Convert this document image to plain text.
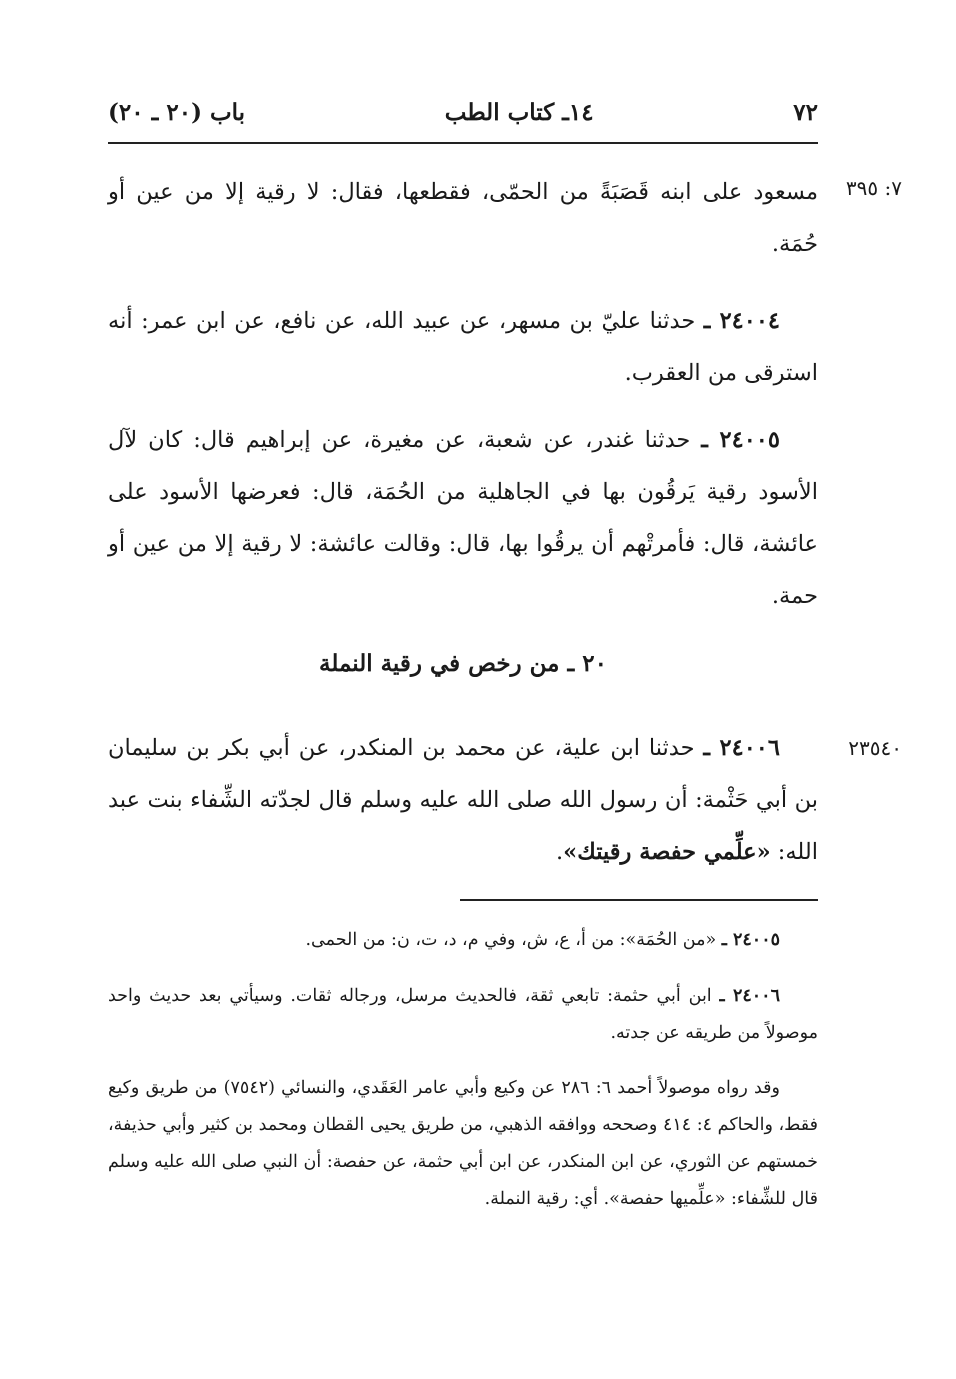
٧٢
١٤ـ كتاب الطب
باب (٢٠ ـ ٢٠)
٧: ٣٩٥
٢٣٥٤٠
مسعود على ابنه قَصَبَةً من الحمّى، فقطعها، فقال: لا رقية إلا من عين أو حُمَة.
٢٤٠٠٤ ـ حدثنا عليّ بن مسهر، عن عبيد الله، عن نافع، عن ابن عمر: أنه استرقى من العقرب.
٢٤٠٠٥ ـ حدثنا غندر، عن شعبة، عن مغيرة، عن إبراهيم قال: كان لآل الأسود رقية يَرقُون بها في الجاهلية من الحُمَة، قال: فعرضها الأسود على عائشة، قال: فأمرتْهم أن يرقُوا بها، قال: وقالت عائشة: لا رقية إلا من عين أو حمة.
٢٠ ـ من رخص في رقية النملة
٢٤٠٠٦ ـ حدثنا ابن علية، عن محمد بن المنكدر، عن أبي بكر بن سليمان بن أبي حَثْمة: أن رسول الله صلى الله عليه وسلم قال لجدّته الشِّفاء بنت عبد الله: «علِّمي حفصة رقيتك».
٢٤٠٠٥ ـ «من الحُمَة»: من أ، ع، ش، وفي م، د، ت، ن: من الحمى.
٢٤٠٠٦ ـ ابن أبي حثمة: تابعي ثقة، فالحديث مرسل، ورجاله ثقات. وسيأتي بعد حديث واحد موصولاً من طريقه عن جدته.
وقد رواه موصولاً أحمد ٦: ٢٨٦ عن وكيع وأبي عامر العَقَدي، والنسائي (٧٥٤٢) من طريق وكيع فقط، والحاكم ٤: ٤١٤ وصححه ووافقه الذهبي، من طريق يحيى القطان ومحمد بن كثير وأبي حذيفة، خمستهم عن الثوري، عن ابن المنكدر، عن ابن أبي حثمة، عن حفصة: أن النبي صلى الله عليه وسلم قال للشِّفاء: «علِّميها حفصة». أي: رقية النملة.
